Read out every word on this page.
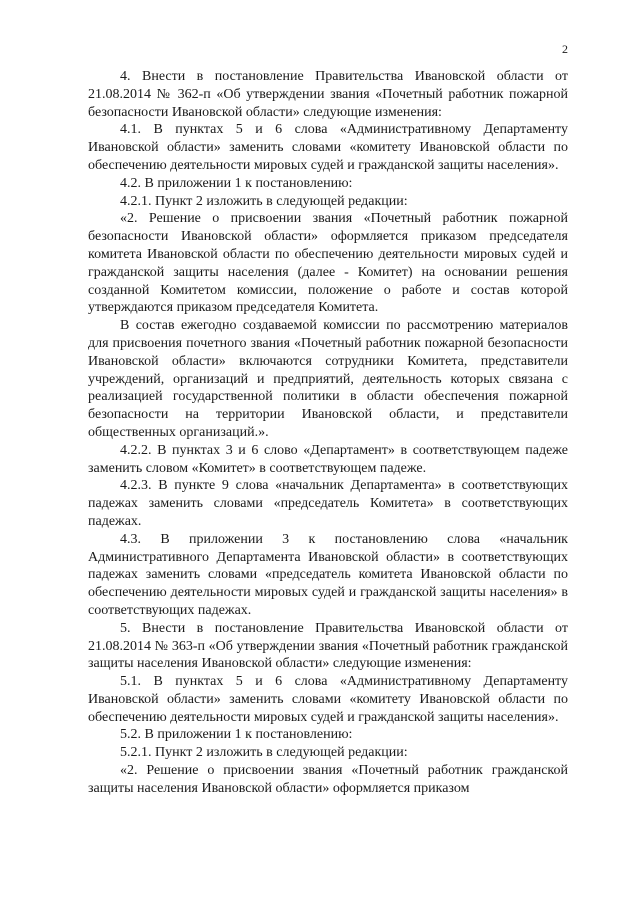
2

4. Внести в постановление Правительства Ивановской области от 21.08.2014 № 362-п «Об утверждении звания «Почетный работник пожарной безопасности Ивановской области» следующие изменения:

4.1. В пунктах 5 и 6 слова «Административному Департаменту Ивановской области» заменить словами «комитету Ивановской области по обеспечению деятельности мировых судей и гражданской защиты населения».

4.2. В приложении 1 к постановлению:

4.2.1. Пункт 2 изложить в следующей редакции:

«2. Решение о присвоении звания «Почетный работник пожарной безопасности Ивановской области» оформляется приказом председателя комитета Ивановской области по обеспечению деятельности мировых судей и гражданской защиты населения (далее - Комитет) на основании решения созданной Комитетом комиссии, положение о работе и состав которой утверждаются приказом председателя Комитета.

В состав ежегодно создаваемой комиссии по рассмотрению материалов для присвоения почетного звания «Почетный работник пожарной безопасности Ивановской области» включаются сотрудники Комитета, представители учреждений, организаций и предприятий, деятельность которых связана с реализацией государственной политики в области обеспечения пожарной безопасности на территории Ивановской области, и представители общественных организаций.».

4.2.2. В пунктах 3 и 6 слово «Департамент» в соответствующем падеже заменить словом «Комитет» в соответствующем падеже.

4.2.3. В пункте 9 слова «начальник Департамента» в соответствующих падежах заменить словами «председатель Комитета» в соответствующих падежах.

4.3. В приложении 3 к постановлению слова «начальник Административного Департамента Ивановской области» в соответствующих падежах заменить словами «председатель комитета Ивановской области по обеспечению деятельности мировых судей и гражданской защиты населения» в соответствующих падежах.

5. Внести в постановление Правительства Ивановской области от 21.08.2014 № 363-п «Об утверждении звания «Почетный работник гражданской защиты населения Ивановской области» следующие изменения:

5.1. В пунктах 5 и 6 слова «Административному Департаменту Ивановской области» заменить словами «комитету Ивановской области по обеспечению деятельности мировых судей и гражданской защиты населения».

5.2. В приложении 1 к постановлению:

5.2.1. Пункт 2 изложить в следующей редакции:

«2. Решение о присвоении звания «Почетный работник гражданской защиты населения Ивановской области» оформляется приказом
